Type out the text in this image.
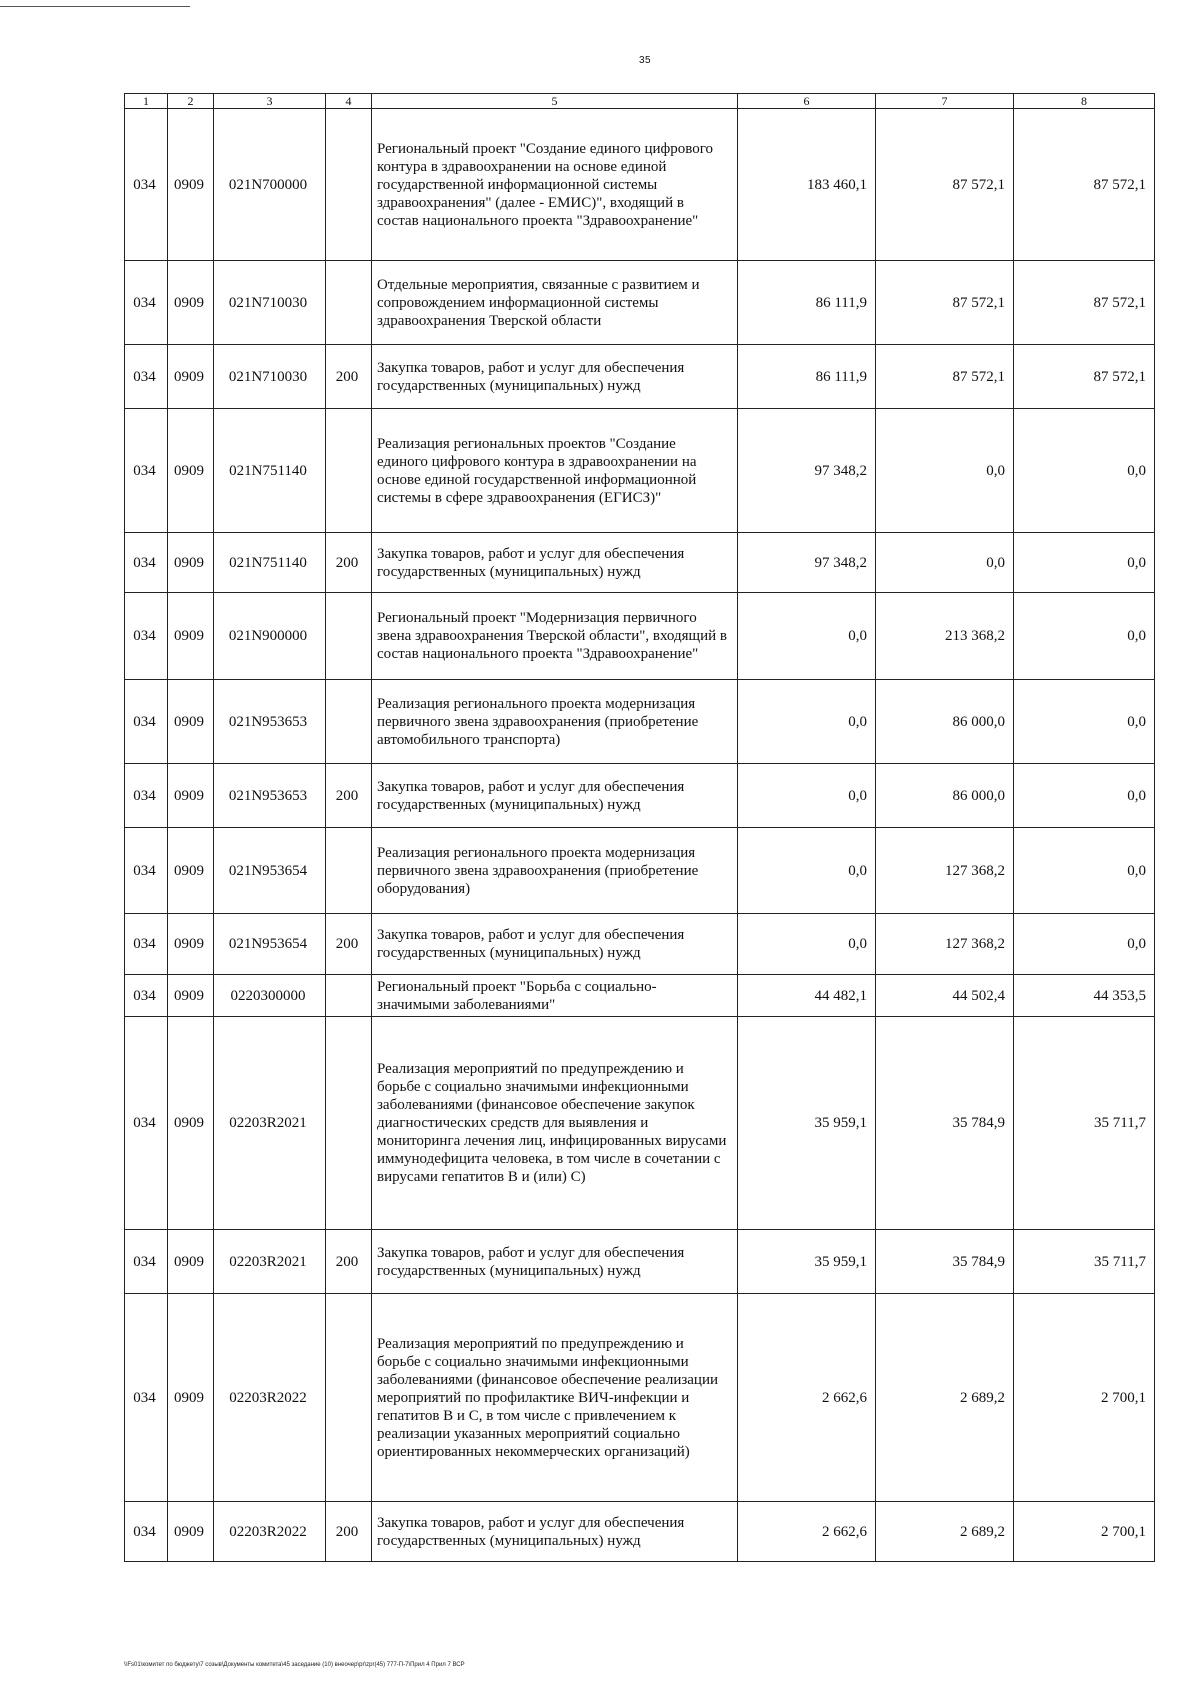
35
1	2	3	4	5	6	7	8
034	0909	021N700000		Региональный проект "Создание единого цифрового контура в здравоохранении на основе единой государственной информационной системы здравоохранения" (далее - ЕМИС)", входящий в состав национального проекта "Здравоохранение"	183 460,1	87 572,1	87 572,1
034	0909	021N710030		Отдельные мероприятия, связанные с развитием и сопровождением информационной системы здравоохранения Тверской области	86 111,9	87 572,1	87 572,1
034	0909	021N710030	200	Закупка товаров, работ и услуг для обеспечения государственных (муниципальных) нужд	86 111,9	87 572,1	87 572,1
034	0909	021N751140		Реализация региональных проектов "Создание единого цифрового контура в здравоохранении на основе единой государственной информационной системы в сфере здравоохранения (ЕГИСЗ)"	97 348,2	0,0	0,0
034	0909	021N751140	200	Закупка товаров, работ и услуг для обеспечения государственных (муниципальных) нужд	97 348,2	0,0	0,0
034	0909	021N900000		Региональный проект "Модернизация первичного звена здравоохранения Тверской области", входящий в состав национального проекта "Здравоохранение"	0,0	213 368,2	0,0
034	0909	021N953653		Реализация регионального проекта модернизация первичного звена здравоохранения (приобретение автомобильного транспорта)	0,0	86 000,0	0,0
034	0909	021N953653	200	Закупка товаров, работ и услуг для обеспечения государственных (муниципальных) нужд	0,0	86 000,0	0,0
034	0909	021N953654		Реализация регионального проекта модернизация первичного звена здравоохранения (приобретение оборудования)	0,0	127 368,2	0,0
034	0909	021N953654	200	Закупка товаров, работ и услуг для обеспечения государственных (муниципальных) нужд	0,0	127 368,2	0,0
034	0909	0220300000		Региональный проект "Борьба с социально-значимыми заболеваниями"	44 482,1	44 502,4	44 353,5
034	0909	02203R2021		Реализация мероприятий по предупреждению и борьбе с социально значимыми инфекционными заболеваниями (финансовое обеспечение закупок диагностических средств для выявления и мониторинга лечения лиц, инфицированных вирусами иммунодефицита человека, в том числе в сочетании с вирусами гепатитов В и (или) С)	35 959,1	35 784,9	35 711,7
034	0909	02203R2021	200	Закупка товаров, работ и услуг для обеспечения государственных (муниципальных) нужд	35 959,1	35 784,9	35 711,7
034	0909	02203R2022		Реализация мероприятий по предупреждению и борьбе с социально значимыми инфекционными заболеваниями (финансовое обеспечение реализации мероприятий по профилактике ВИЧ-инфекции и гепатитов В и С, в том числе с привлечением к реализации указанных мероприятий социально ориентированных некоммерческих организаций)	2 662,6	2 689,2	2 700,1
034	0909	02203R2022	200	Закупка товаров, работ и услуг для обеспечения государственных (муниципальных) нужд	2 662,6	2 689,2	2 700,1
\\Fs01\комитет по бюджету\7 созыв\Документы комитета\45 заседание (10) внеочер\pr\zpr(45) 777-П-7\Прил 4 Прил 7 ВСР
